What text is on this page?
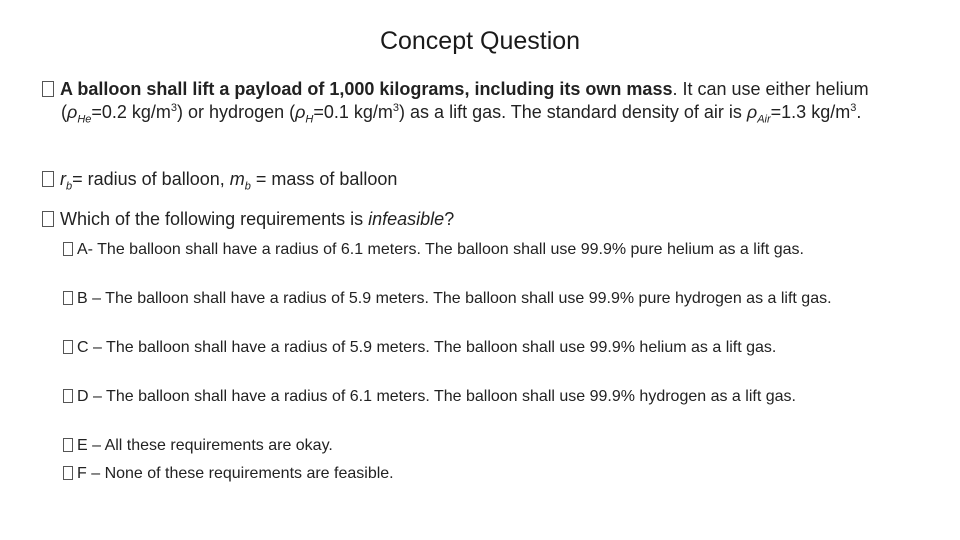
Concept Question
A balloon shall lift a payload of 1,000 kilograms, including its own mass. It can use either helium ($\rho_{He}=0.2$ $kg/m^3$) or hydrogen ($\rho_H=0.1$ $kg/m^3$) as a lift gas. The standard density of air is $\rho_{Air}=1.3$ $kg/m^3$.
$r_b=$ radius of balloon, $m_b$ = mass of balloon
Which of the following requirements is infeasible?
A- The balloon shall have a radius of 6.1 meters. The balloon shall use 99.9% pure helium as a lift gas.
B – The balloon shall have a radius of 5.9 meters. The balloon shall use 99.9% pure hydrogen as a lift gas.
C – The balloon shall have a radius of 5.9 meters. The balloon shall use 99.9% helium as a lift gas.
D – The balloon shall have a radius of 6.1 meters. The balloon shall use 99.9% hydrogen as a lift gas.
E – All these requirements are okay.
F – None of these requirements are feasible.
